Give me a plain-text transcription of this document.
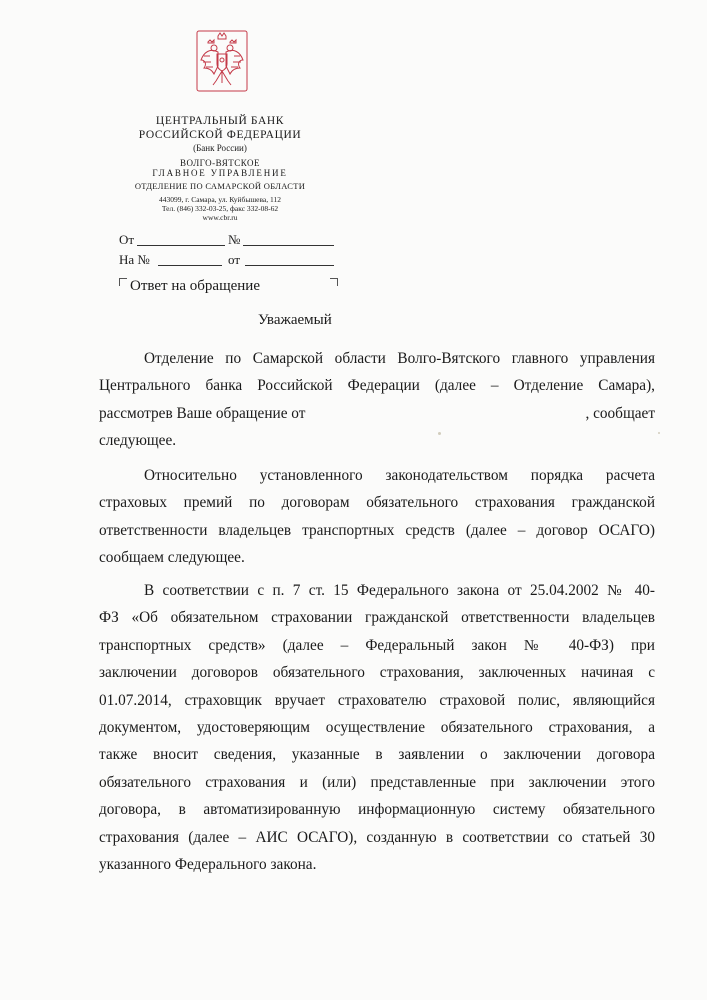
ЦЕНТРАЛЬНЫЙ БАНК
РОССИЙСКОЙ ФЕДЕРАЦИИ
(Банк России)
ВОЛГО-ВЯТСКОЕ
ГЛАВНОЕ УПРАВЛЕНИЕ
ОТДЕЛЕНИЕ ПО САМАРСКОЙ ОБЛАСТИ
443099, г. Самара, ул. Куйбышева, 112
Тел. (846) 332-03-25, факс 332-08-62
www.cbr.ru
От	№
На №	от
Ответ на обращение
Уважаемый
Отделение по Самарской области Волго-Вятского главного управления
Центрального банка Российской Федерации (далее – Отделение Самара),
рассмотрев Ваше обращение от	, сообщает
следующее.
Относительно установленного законодательством порядка расчета
страховых премий по договорам обязательного страхования гражданской
ответственности владельцев транспортных средств (далее – договор ОСАГО)
сообщаем следующее.
В соответствии с п. 7 ст. 15 Федерального закона от 25.04.2002 № 40-
ФЗ «Об обязательном страховании гражданской ответственности владельцев
транспортных средств» (далее – Федеральный закон № 40-ФЗ) при
заключении договоров обязательного страхования, заключенных начиная с
01.07.2014, страховщик вручает страхователю страховой полис, являющийся
документом, удостоверяющим осуществление обязательного страхования, а
также вносит сведения, указанные в заявлении о заключении договора
обязательного страхования и (или) представленные при заключении этого
договора, в автоматизированную информационную систему обязательного
страхования (далее – АИС ОСАГО), созданную в соответствии со статьей 30
указанного Федерального закона.
